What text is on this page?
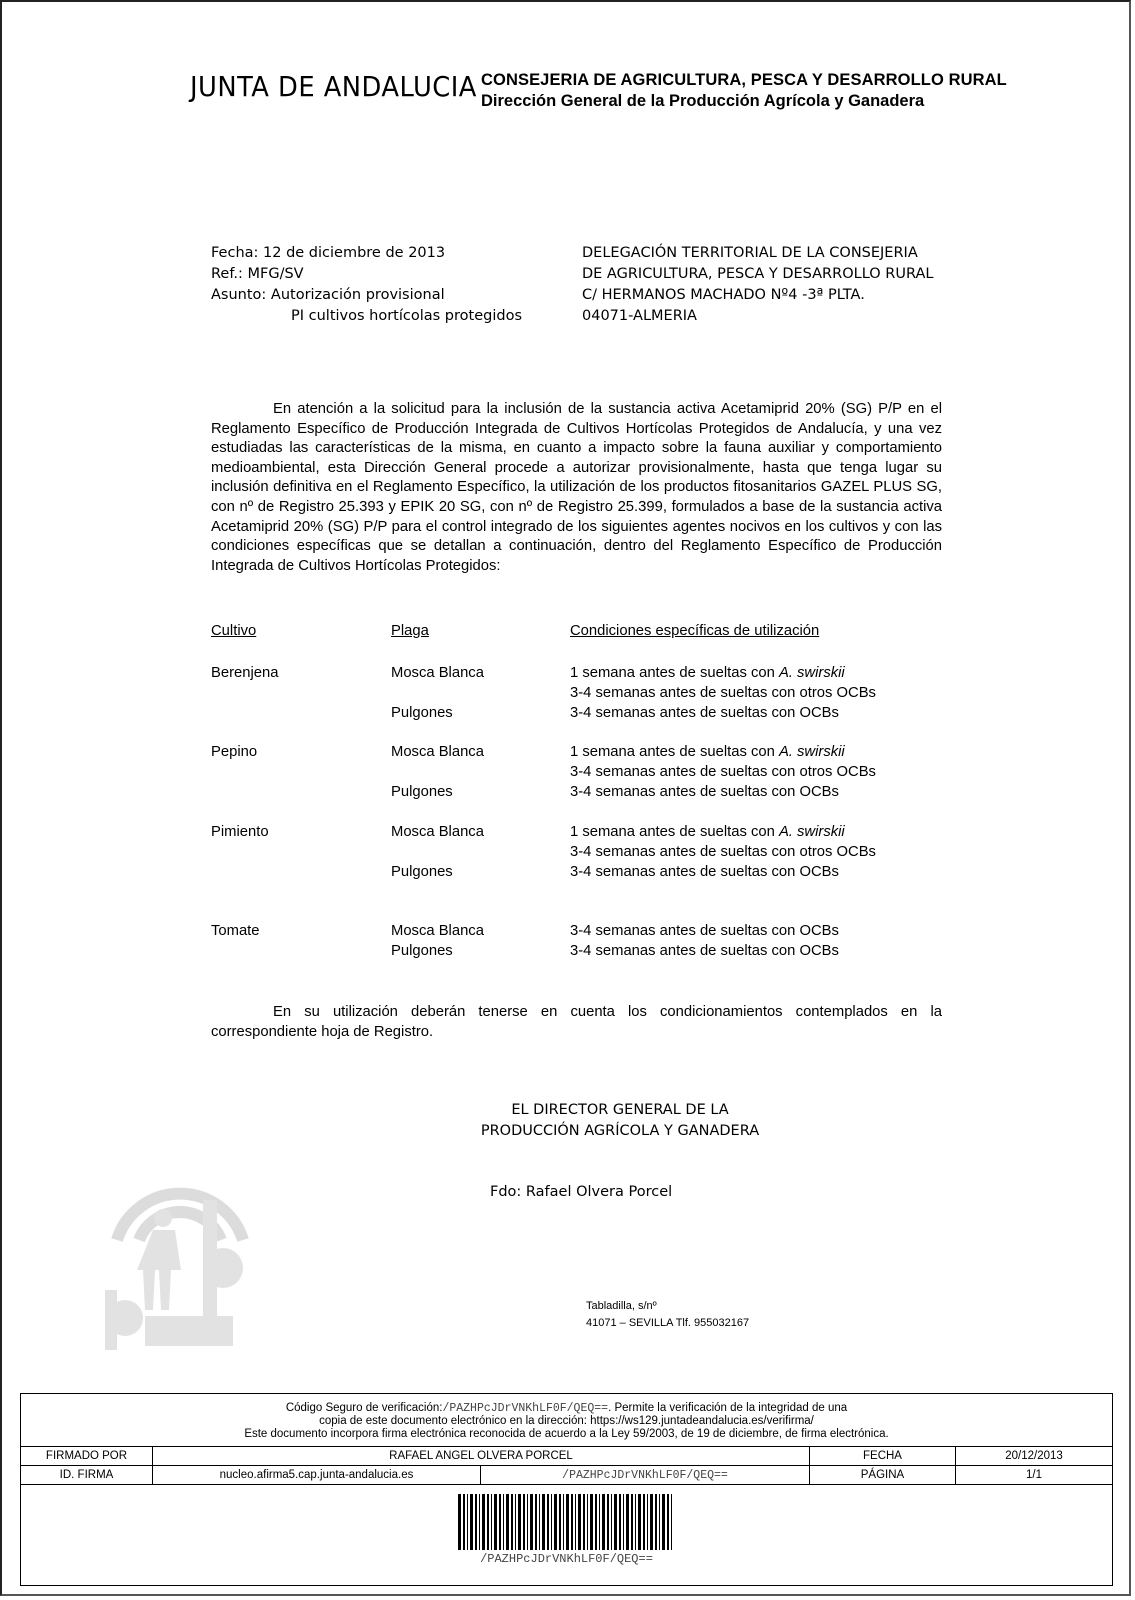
JUNTA DE ANDALUCIA CONSEJERIA DE AGRICULTURA, PESCA Y DESARROLLO RURAL
Dirección General de la Producción Agrícola y Ganadera
Fecha: 12 de diciembre de 2013
Ref.: MFG/SV
Asunto: Autorización provisional
PI cultivos hortícolas protegidos
DELEGACIÓN TERRITORIAL DE LA CONSEJERIA
DE AGRICULTURA, PESCA Y DESARROLLO RURAL
C/ HERMANOS MACHADO Nº4 -3ª PLTA.
04071-ALMERIA

En atención a la solicitud para la inclusión de la sustancia activa Acetamiprid 20% (SG) P/P en el Reglamento Específico de Producción Integrada de Cultivos Hortícolas Protegidos de Andalucía, y una vez estudiadas las características de la misma, en cuanto a impacto sobre la fauna auxiliar y comportamiento medioambiental, esta Dirección General procede a autorizar provisionalmente, hasta que tenga lugar su inclusión definitiva en el Reglamento Específico, la utilización de los productos fitosanitarios GAZEL PLUS SG, con nº de Registro 25.393 y EPIK 20 SG, con nº de Registro 25.399, formulados a base de la sustancia activa Acetamiprid 20% (SG) P/P para el control integrado de los siguientes agentes nocivos en los cultivos y con las condiciones específicas que se detallan a continuación, dentro del Reglamento Específico de Producción Integrada de Cultivos Hortícolas Protegidos:

Cultivo	Plaga	Condiciones específicas de utilización
Berenjena	Mosca Blanca	1 semana antes de sueltas con A. swirskii
3-4 semanas antes de sueltas con otros OCBs
Pulgones	3-4 semanas antes de sueltas con OCBs
Pepino	Mosca Blanca	1 semana antes de sueltas con A. swirskii
3-4 semanas antes de sueltas con otros OCBs
Pulgones	3-4 semanas antes de sueltas con OCBs
Pimiento	Mosca Blanca	1 semana antes de sueltas con A. swirskii
3-4 semanas antes de sueltas con otros OCBs
Pulgones	3-4 semanas antes de sueltas con OCBs
Tomate	Mosca Blanca	3-4 semanas antes de sueltas con OCBs
Pulgones	3-4 semanas antes de sueltas con OCBs

En su utilización deberán tenerse en cuenta los condicionamientos contemplados en la correspondiente hoja de Registro.

EL DIRECTOR GENERAL DE LA
PRODUCCIÓN AGRÍCOLA Y GANADERA
Fdo: Rafael Olvera Porcel
Tabladilla, s/nº
41071 – SEVILLA Tlf. 955032167
Código Seguro de verificación:/PAZHPcJDrVNKhLF0F/QEQ==. Permite la verificación de la integridad de una
copia de este documento electrónico en la dirección: https://ws129.juntadeandalucia.es/verifirma/
Este documento incorpora firma electrónica reconocida de acuerdo a la Ley 59/2003, de 19 de diciembre, de firma electrónica.
FIRMADO POR	RAFAEL ANGEL OLVERA PORCEL		FECHA	20/12/2013
ID. FIRMA	nucleo.afirma5.cap.junta-andalucia.es	/PAZHPcJDrVNKhLF0F/QEQ==	PÁGINA	1/1
/PAZHPcJDrVNKhLF0F/QEQ==
